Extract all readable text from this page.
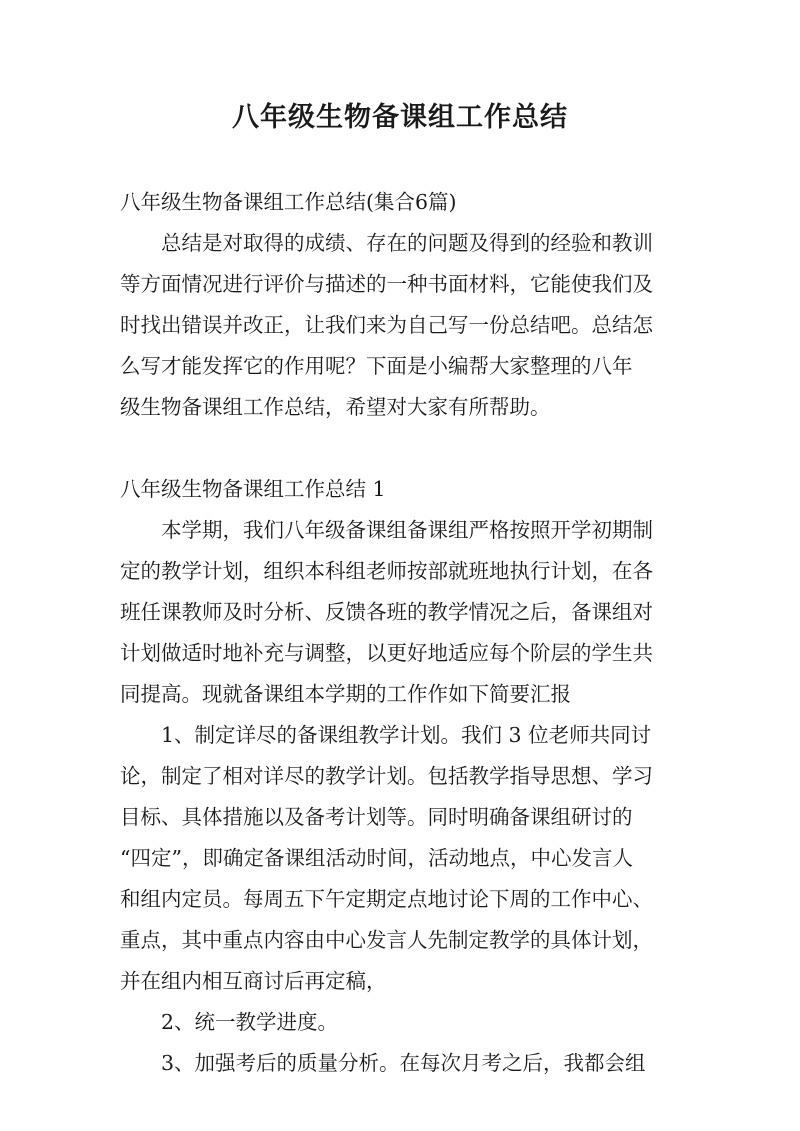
八年级生物备课组工作总结
八年级生物备课组工作总结(集合6篇)
总结是对取得的成绩、存在的问题及得到的经验和教训
等方面情况进行评价与描述的一种书面材料，它能使我们及
时找出错误并改正，让我们来为自己写一份总结吧。总结怎
么写才能发挥它的作用呢？下面是小编帮大家整理的八年
级生物备课组工作总结，希望对大家有所帮助。
八年级生物备课组工作总结 1
本学期，我们八年级备课组备课组严格按照开学初期制
定的教学计划，组织本科组老师按部就班地执行计划，在各
班任课教师及时分析、反馈各班的教学情况之后，备课组对
计划做适时地补充与调整，以更好地适应每个阶层的学生共
同提高。现就备课组本学期的工作作如下简要汇报
1、制定详尽的备课组教学计划。我们 3 位老师共同讨
论，制定了相对详尽的教学计划。包括教学指导思想、学习
目标、具体措施以及备考计划等。同时明确备课组研讨的
“四定”，即确定备课组活动时间，活动地点，中心发言人
和组内定员。每周五下午定期定点地讨论下周的工作中心、
重点，其中重点内容由中心发言人先制定教学的具体计划，
并在组内相互商讨后再定稿，
2、统一教学进度。
3、加强考后的质量分析。在每次月考之后，我都会组
